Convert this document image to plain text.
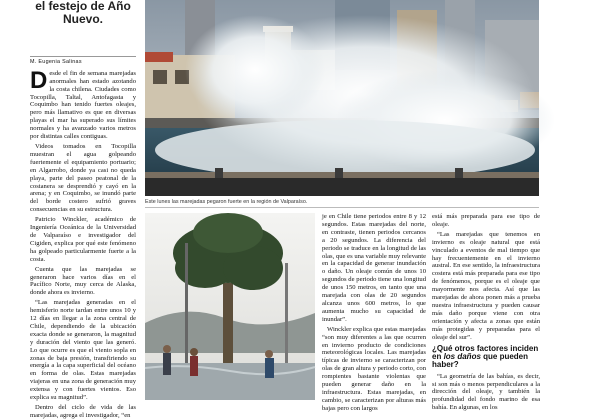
el festejo de Año Nuevo.
M. Eugenia Salinas

Desde el fin de semana marejadas anormales han estado azotando la costa chilena. Ciudades como Tocopilla, Taltal, Antofagasta y Coquimbo han tenido fuertes oleajes, pero más llamativo es que en diversas playas el mar ha superado sus límites normales y ha avanzado varios metros por distintas calles contiguas.

Videos tomados en Tocopilla muestran el agua golpeando fuertemente el equipamiento portuario; en Algarrobo, donde ya casi no queda playa, parte del paseo peatonal de la costanera se desprendió y cayó en la arena; y en Coquimbo, se inundó parte del borde costero sufrió graves consecuencias en su estructura.

Patricio Winckler, académico de Ingeniería Oceánica de la Universidad de Valparaíso e investigador del Cigiden, explica por qué este fenómeno ha golpeado particularmente fuerte a la costa.

Cuenta que las marejadas se generaron hace varios días en el Pacífico Norte, muy cerca de Alaska, donde ahora es invierno.

“Las marejadas generadas en el hemisferio norte tardan entre unos 10 y 12 días en llegar a la zona central de Chile, dependiendo de la ubicación exacta donde se generaron, la magnitud y duración del viento que las generó. Lo que ocurre es que el viento sopla en zonas de baja presión, transfiriendo su energía a la capa superficial del océano en forma de olas. Estas marejadas viajeras en una zona de generación muy extensa y con fuertes vientos. Eso explica su magnitud”.

Dentro del ciclo de vida de las marejadas, agrega el investigador, “en

Este lunes las marejadas pegaron fuerte en la región de Valparaíso.

je en Chile tiene periodos entre 8 y 12 segundos. Estas marejadas del norte, en contraste, tienen periodos cercanos a 20 segundos. La diferencia del periodo se traduce en la longitud de las olas, que es una variable muy relevante en la capacidad de generar inundación o daño. Un oleaje común de unos 10 segundos de periodo tiene una longitud de unos 150 metros, en tanto que una marejada con olas de 20 segundos alcanza unos 600 metros, lo que aumenta mucho su capacidad de inundar”.

Winckler explica que estas marejadas “son muy diferentes a las que ocurren en invierno producto de condiciones meteorológicas locales. Las marejadas típicas de invierno se caracterizan por olas de gran altura y periodo corto, con rompientes bastante violentas que pueden generar daño en la infraestructura. Estas marejadas, en cambio, se caracterizan por alturas más bajas pero con largos

está más preparada para ese tipo de oleaje.

“Las marejadas que tenemos en invierno es oleaje natural que está vinculado a eventos de mal tiempo que hay frecuentemente en el invierno austral. En ese sentido, la infraestructura costera está más preparada para ese tipo de fenómenos, porque es el oleaje que mayormente nos afecta. Así que las marejadas de ahora ponen más a prueba nuestra infraestructura y pueden causar más daño porque viene con otra orientación y afecta a zonas que están más protegidas y preparadas para el oleaje del sur”.

¿Qué otros factores inciden en los daños que pueden haber?

“La geometría de las bahías, es decir, si son más o menos perpendiculares a la dirección del oleaje, y también la profundidad del fondo marino de esa bahía. En algunas, en los
